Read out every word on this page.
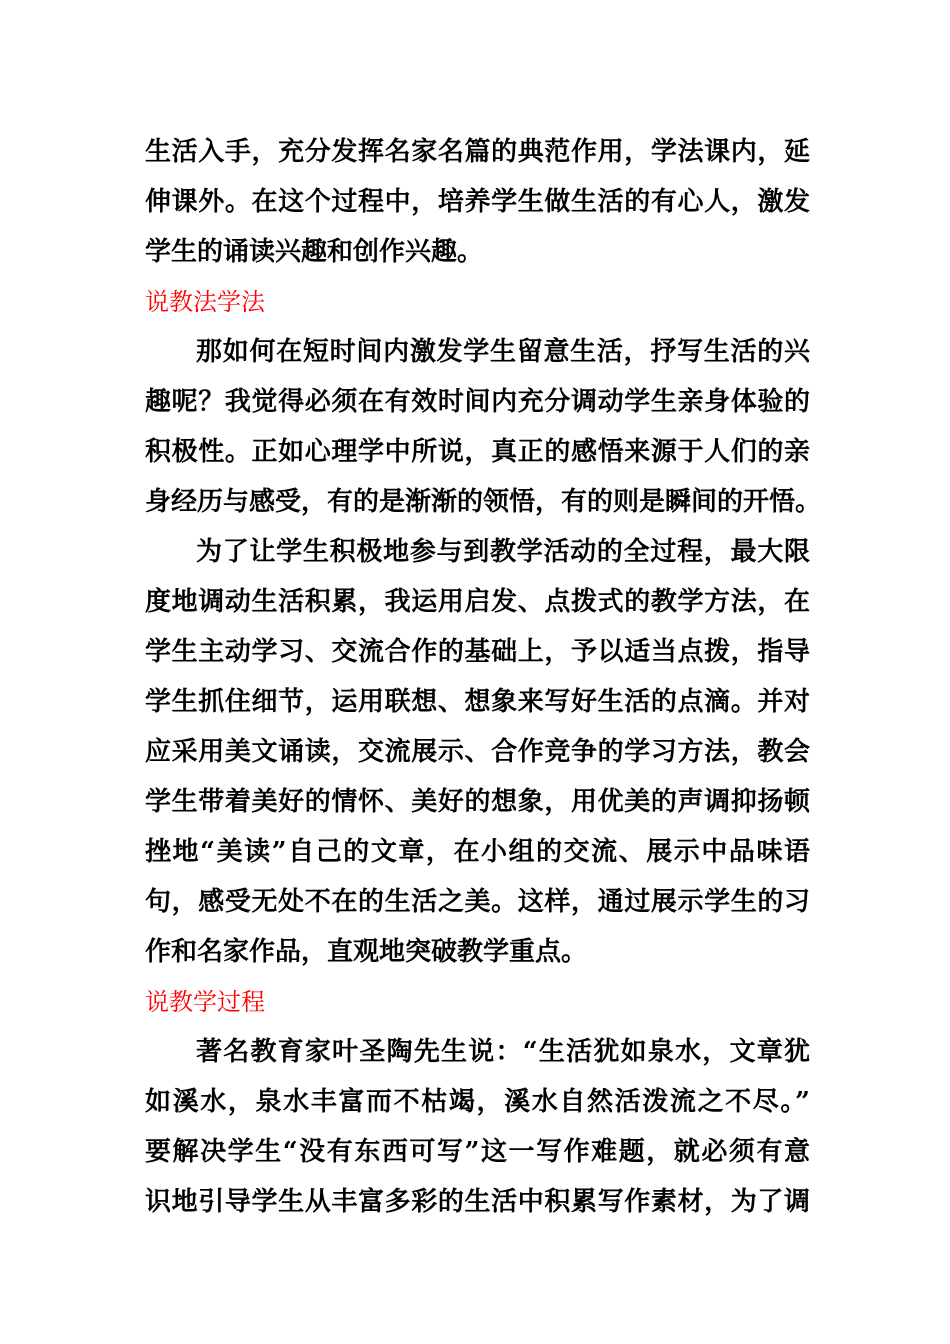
生活入手，充分发挥名家名篇的典范作用，学法课内，延
伸课外。在这个过程中，培养学生做生活的有心人，激发
学生的诵读兴趣和创作兴趣。
说教法学法
那如何在短时间内激发学生留意生活，抒写生活的兴
趣呢？我觉得必须在有效时间内充分调动学生亲身体验的
积极性。正如心理学中所说，真正的感悟来源于人们的亲
身经历与感受，有的是渐渐的领悟，有的则是瞬间的开悟。
为了让学生积极地参与到教学活动的全过程，最大限
度地调动生活积累，我运用启发、点拨式的教学方法，在
学生主动学习、交流合作的基础上，予以适当点拨，指导
学生抓住细节，运用联想、想象来写好生活的点滴。并对
应采用美文诵读，交流展示、合作竞争的学习方法，教会
学生带着美好的情怀、美好的想象，用优美的声调抑扬顿
挫地“美读”自己的文章，在小组的交流、展示中品味语
句，感受无处不在的生活之美。这样，通过展示学生的习
作和名家作品，直观地突破教学重点。
说教学过程
著名教育家叶圣陶先生说：“生活犹如泉水，文章犹
如溪水，泉水丰富而不枯竭，溪水自然活泼流之不尽。”
要解决学生“没有东西可写”这一写作难题，就必须有意
识地引导学生从丰富多彩的生活中积累写作素材，为了调
